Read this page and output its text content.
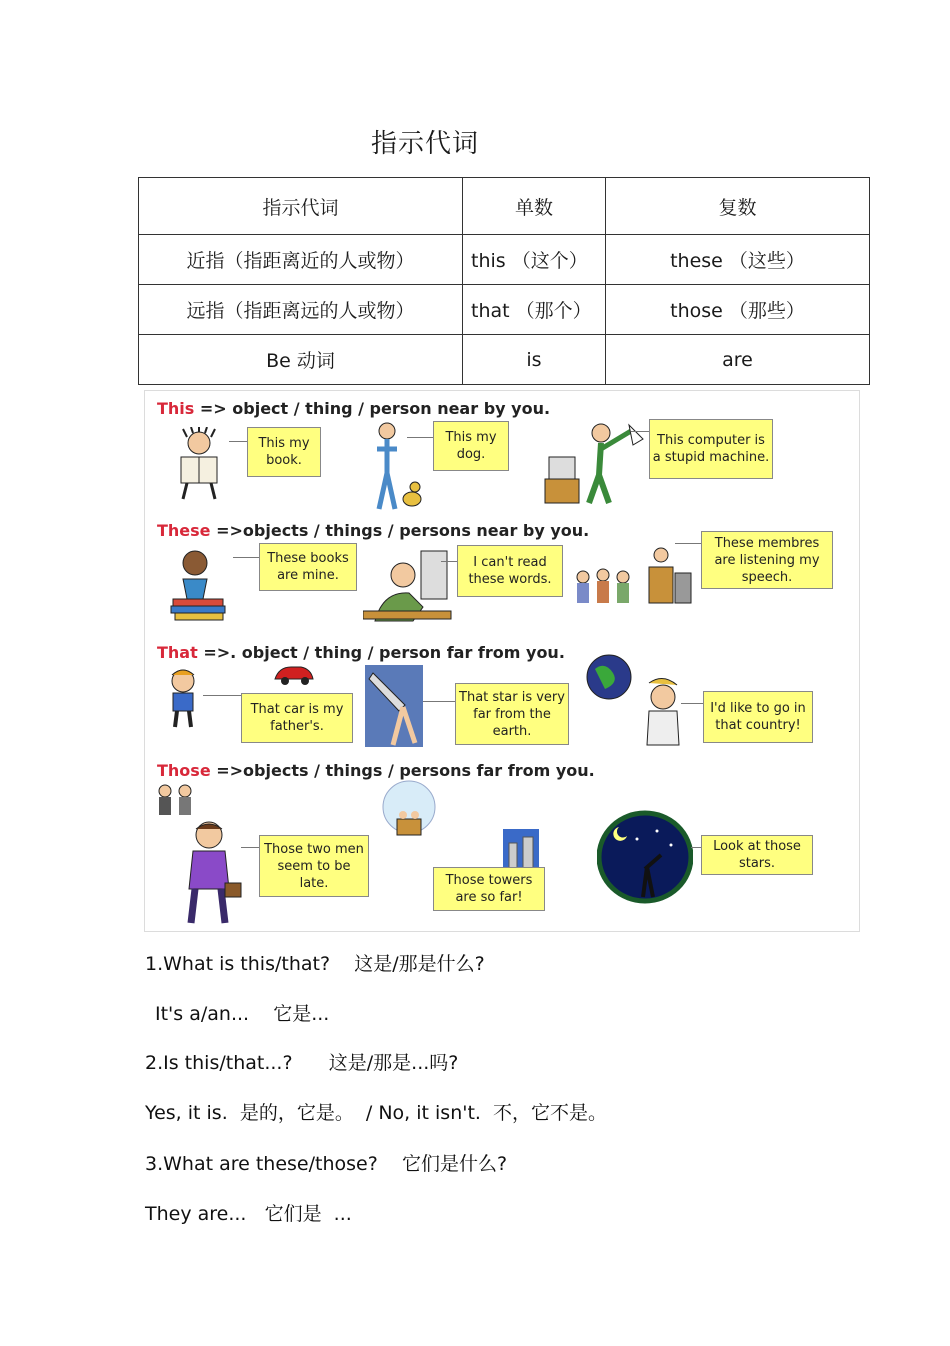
指示代词
指示代词	单数	复数
近指（指距离近的人或物）	this （这个）	these （这些）
远指（指距离远的人或物）	that （那个）	those （那些）
Be 动词	is	are
This => object / thing / person near by you.
This my book.
This my dog.
This computer is a stupid machine.
These =>objects / things / persons near by you.
These books are mine.
I can't read these words.
These membres are listening my speech.
That =>. object / thing / person far from you.
That car is my father's.
That star is very far from the earth.
I'd like to go in that country!
Those =>objects / things / persons far from you.
Those two men seem to be late.	Those towers are so far!
Look at those stars.
1.What is this/that?    这是/那是什么?
It's a/an...    它是...
2.Is this/that...?      这是/那是...吗?
Yes, it is.  是的，它是。  / No, it isn't.  不，它不是。
3.What are these/those?    它们是什么?
They are...   它们是  ...
